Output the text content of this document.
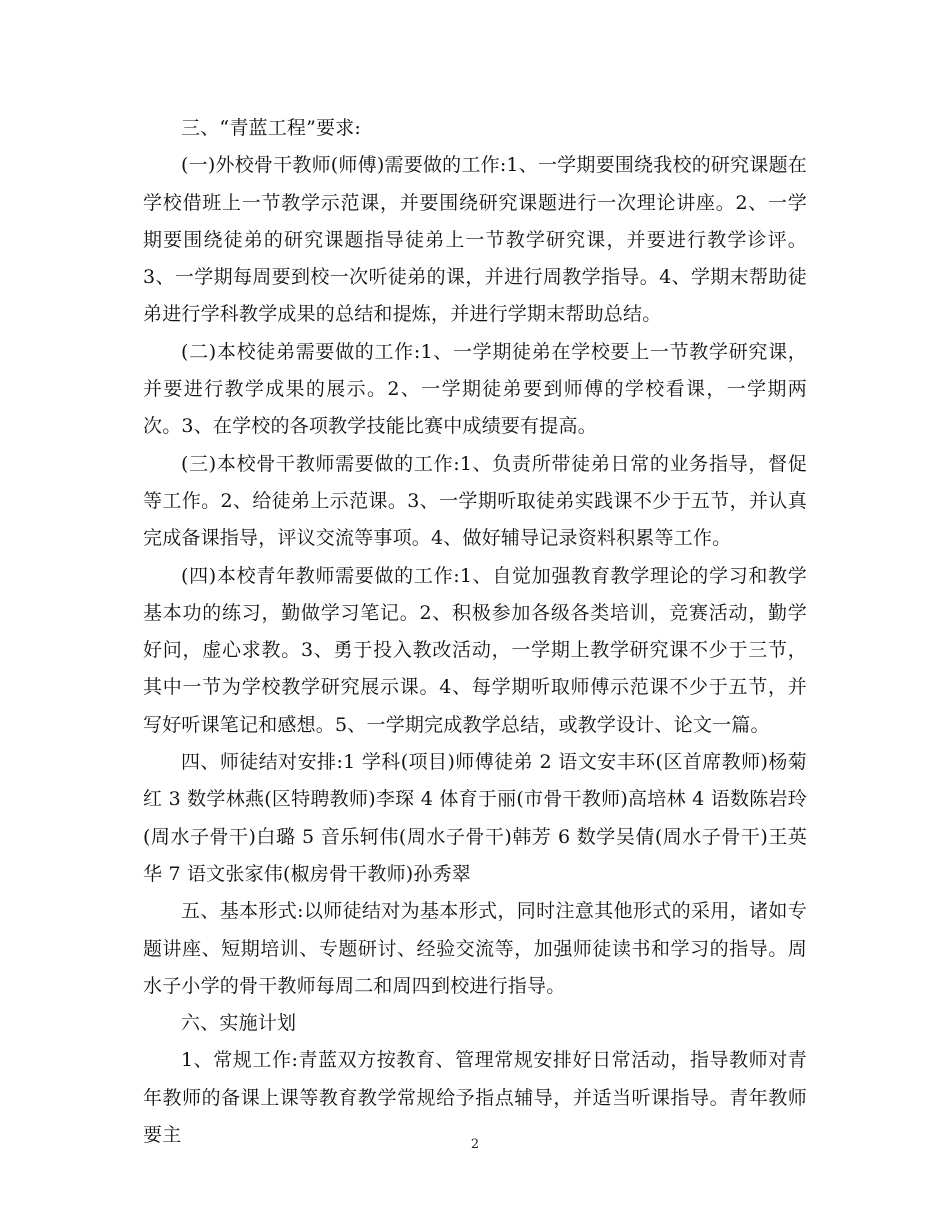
三、“青蓝工程”要求:

(一)外校骨干教师(师傅)需要做的工作:1、一学期要围绕我校的研究课题在学校借班上一节教学示范课，并要围绕研究课题进行一次理论讲座。2、一学期要围绕徒弟的研究课题指导徒弟上一节教学研究课，并要进行教学诊评。3、一学期每周要到校一次听徒弟的课，并进行周教学指导。4、学期末帮助徒弟进行学科教学成果的总结和提炼，并进行学期末帮助总结。

(二)本校徒弟需要做的工作:1、一学期徒弟在学校要上一节教学研究课，并要进行教学成果的展示。2、一学期徒弟要到师傅的学校看课，一学期两次。3、在学校的各项教学技能比赛中成绩要有提高。

(三)本校骨干教师需要做的工作:1、负责所带徒弟日常的业务指导，督促等工作。2、给徒弟上示范课。3、一学期听取徒弟实践课不少于五节，并认真完成备课指导，评议交流等事项。4、做好辅导记录资料积累等工作。

(四)本校青年教师需要做的工作:1、自觉加强教育教学理论的学习和教学基本功的练习，勤做学习笔记。2、积极参加各级各类培训，竞赛活动，勤学好问，虚心求教。3、勇于投入教改活动，一学期上教学研究课不少于三节，其中一节为学校教学研究展示课。4、每学期听取师傅示范课不少于五节，并写好听课笔记和感想。5、一学期完成教学总结，或教学设计、论文一篇。

四、师徒结对安排:1 学科(项目)师傅徒弟 2 语文安丰环(区首席教师)杨菊红 3 数学林燕(区特聘教师)李琛 4 体育于丽(市骨干教师)高培林 4 语数陈岩玲(周水子骨干)白璐 5 音乐轲伟(周水子骨干)韩芳 6 数学吴倩(周水子骨干)王英华 7 语文张家伟(椒房骨干教师)孙秀翠

五、基本形式:以师徒结对为基本形式，同时注意其他形式的采用，诸如专题讲座、短期培训、专题研讨、经验交流等，加强师徒读书和学习的指导。周水子小学的骨干教师每周二和周四到校进行指导。

六、实施计划

1、常规工作:青蓝双方按教育、管理常规安排好日常活动，指导教师对青年教师的备课上课等教育教学常规给予指点辅导，并适当听课指导。青年教师要主	2
